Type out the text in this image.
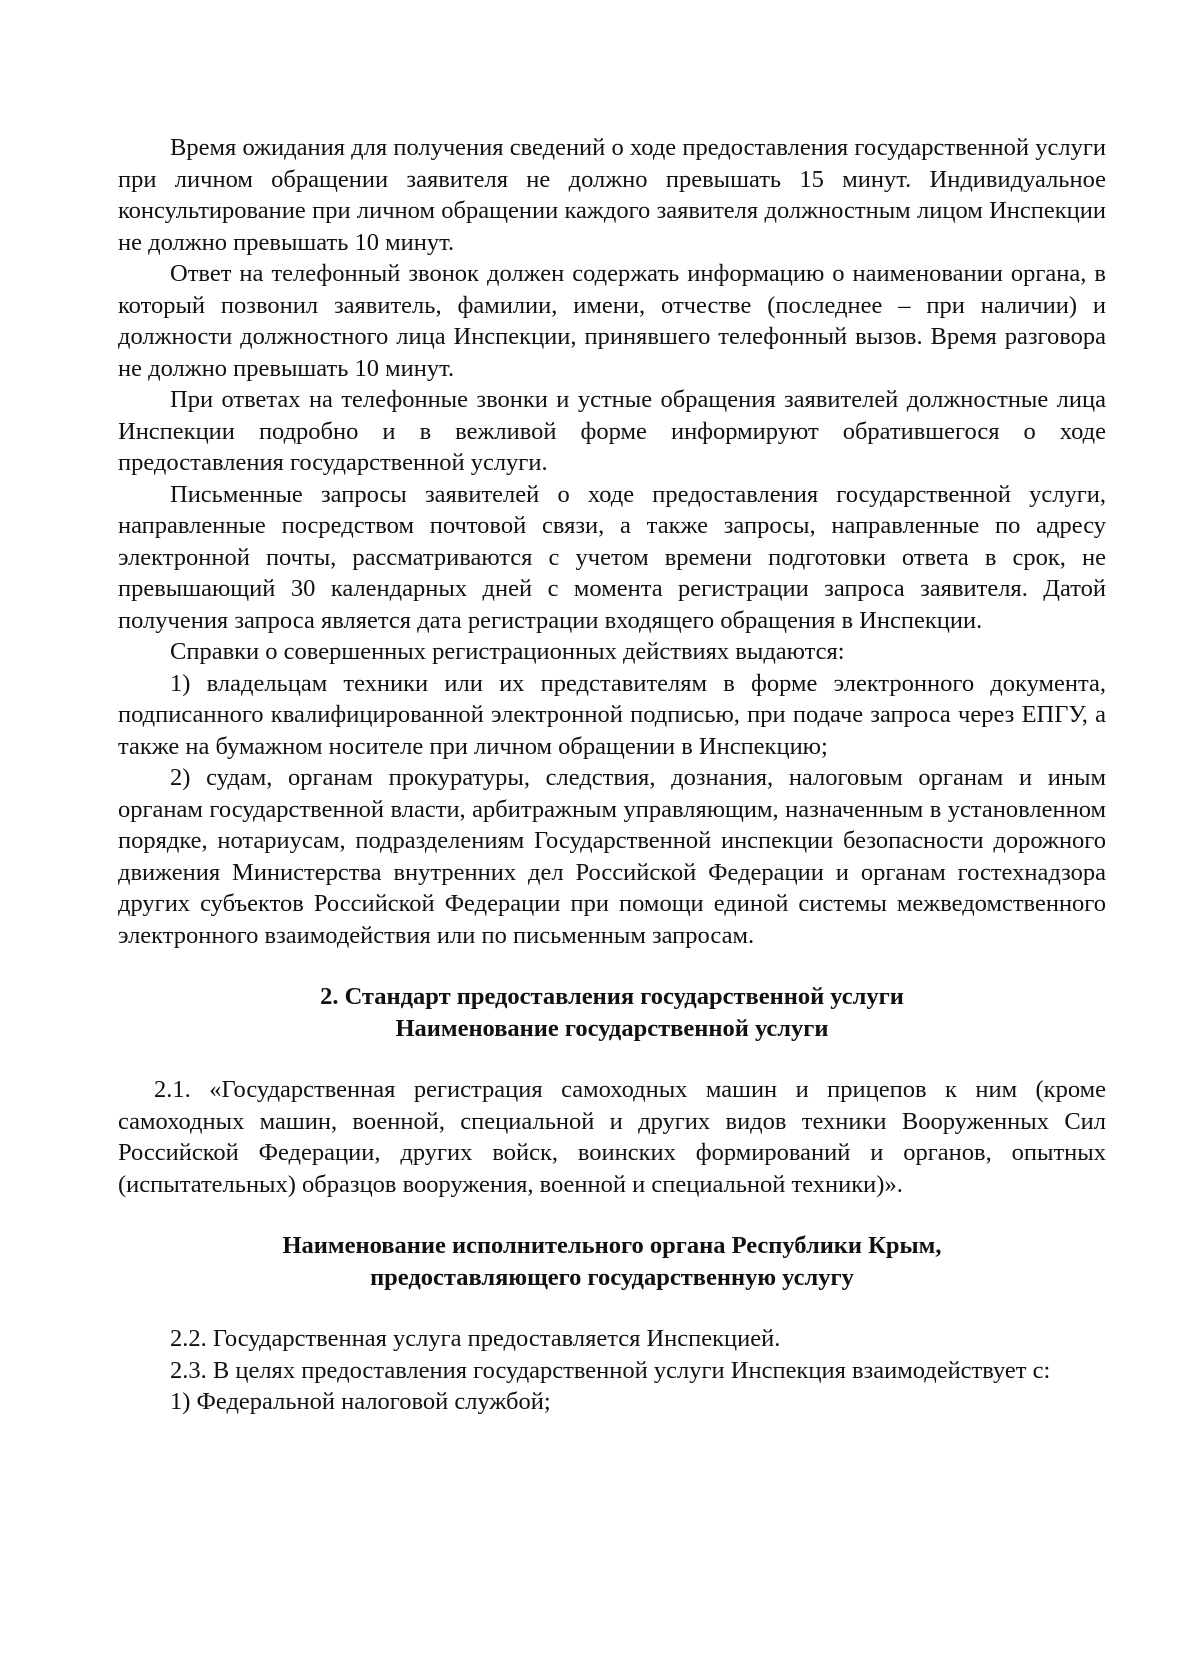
Время ожидания для получения сведений о ходе предоставления государственной услуги при личном обращении заявителя не должно превышать 15 минут. Индивидуальное консультирование при личном обращении каждого заявителя должностным лицом Инспекции не должно превышать 10 минут.

Ответ на телефонный звонок должен содержать информацию о наименовании органа, в который позвонил заявитель, фамилии, имени, отчестве (последнее – при наличии) и должности должностного лица Инспекции, принявшего телефонный вызов. Время разговора не должно превышать 10 минут.

При ответах на телефонные звонки и устные обращения заявителей должностные лица Инспекции подробно и в вежливой форме информируют обратившегося о ходе предоставления государственной услуги.

Письменные запросы заявителей о ходе предоставления государственной услуги, направленные посредством почтовой связи, а также запросы, направленные по адресу электронной почты, рассматриваются с учетом времени подготовки ответа в срок, не превышающий 30 календарных дней с момента регистрации запроса заявителя. Датой получения запроса является дата регистрации входящего обращения в Инспекции.

Справки о совершенных регистрационных действиях выдаются:

1) владельцам техники или их представителям в форме электронного документа, подписанного квалифицированной электронной подписью, при подаче запроса через ЕПГУ, а также на бумажном носителе при личном обращении в Инспекцию;

2) судам, органам прокуратуры, следствия, дознания, налоговым органам и иным органам государственной власти, арбитражным управляющим, назначенным в установленном порядке, нотариусам, подразделениям Государственной инспекции безопасности дорожного движения Министерства внутренних дел Российской Федерации и органам гостехнадзора других субъектов Российской Федерации при помощи единой системы межведомственного электронного взаимодействия или по письменным запросам.

2. Стандарт предоставления государственной услуги
Наименование государственной услуги

2.1. «Государственная регистрация самоходных машин и прицепов к ним (кроме самоходных машин, военной, специальной и других видов техники Вооруженных Сил Российской Федерации, других войск, воинских формирований и органов, опытных (испытательных) образцов вооружения, военной и специальной техники)».

Наименование исполнительного органа Республики Крым,
предоставляющего государственную услугу

2.2. Государственная услуга предоставляется Инспекцией.

2.3. В целях предоставления государственной услуги Инспекция взаимодействует с:

1) Федеральной налоговой службой;
